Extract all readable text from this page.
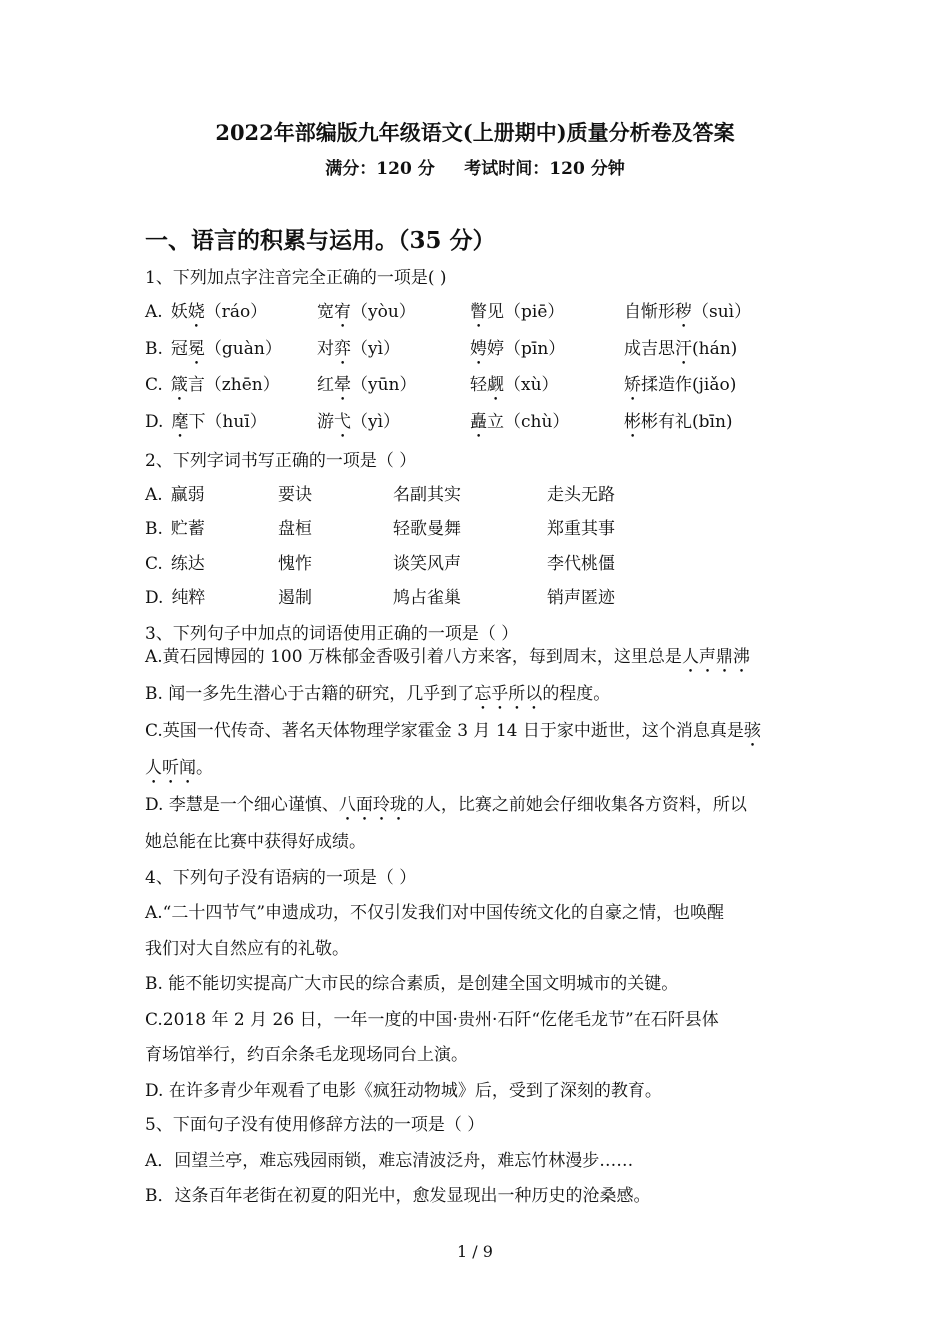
2022年部编版九年级语文(上册期中)质量分析卷及答案
满分：120 分     考试时间：120 分钟
一、语言的积累与运用。（35 分）
1、下列加点字注音完全正确的一项是( )
A. 妖娆（ráo）	宽宥（yòu）	瞥见（piē）	自惭形秽（suì）
B. 冠冕（guàn） 对弈（yì）	娉婷（pīn）	成吉思汗(hán)
C. 箴言（zhēn） 红晕（yūn）	轻觑（xù）	矫揉造作(jiǎo)
D. 麾下（huī）	游弋（yì）	矗立（chù）	彬彬有礼(bīn)
2、下列字词书写正确的一项是（ ）
A. 赢弱	要诀	名副其实	走头无路
B. 贮蓄	盘桓	轻歌曼舞	郑重其事
C. 练达	愧怍	谈笑风声	李代桃僵
D. 纯粹	遏制	鸠占雀巢	销声匿迹
3、下列句子中加点的词语使用正确的一项是（ ）
A.黄石园博园的 100 万株郁金香吸引着八方来客，每到周末，这里总是人声鼎沸
B. 闻一多先生潜心于古籍的研究，几乎到了忘乎所以的程度。
C.英国一代传奇、著名天体物理学家霍金 3 月 14 日于家中逝世，这个消息真是骇
人听闻。
D. 李慧是一个细心谨慎、八面玲珑的人，比赛之前她会仔细收集各方资料，所以
她总能在比赛中获得好成绩。
4、下列句子没有语病的一项是（ ）
A.“二十四节气”申遗成功，不仅引发我们对中国传统文化的自豪之情，也唤醒
我们对大自然应有的礼敬。
B. 能不能切实提高广大市民的综合素质，是创建全国文明城市的关键。
C.2018 年 2 月 26 日，一年一度的中国·贵州·石阡“仡佬毛龙节”在石阡县体
育场馆举行，约百余条毛龙现场同台上演。
D. 在许多青少年观看了电影《疯狂动物城》后，受到了深刻的教育。
5、下面句子没有使用修辞方法的一项是（ ）
A．回望兰亭，难忘残园雨锁，难忘清波泛舟，难忘竹林漫步……
B．这条百年老街在初夏的阳光中，愈发显现出一种历史的沧桑感。
1 / 9
